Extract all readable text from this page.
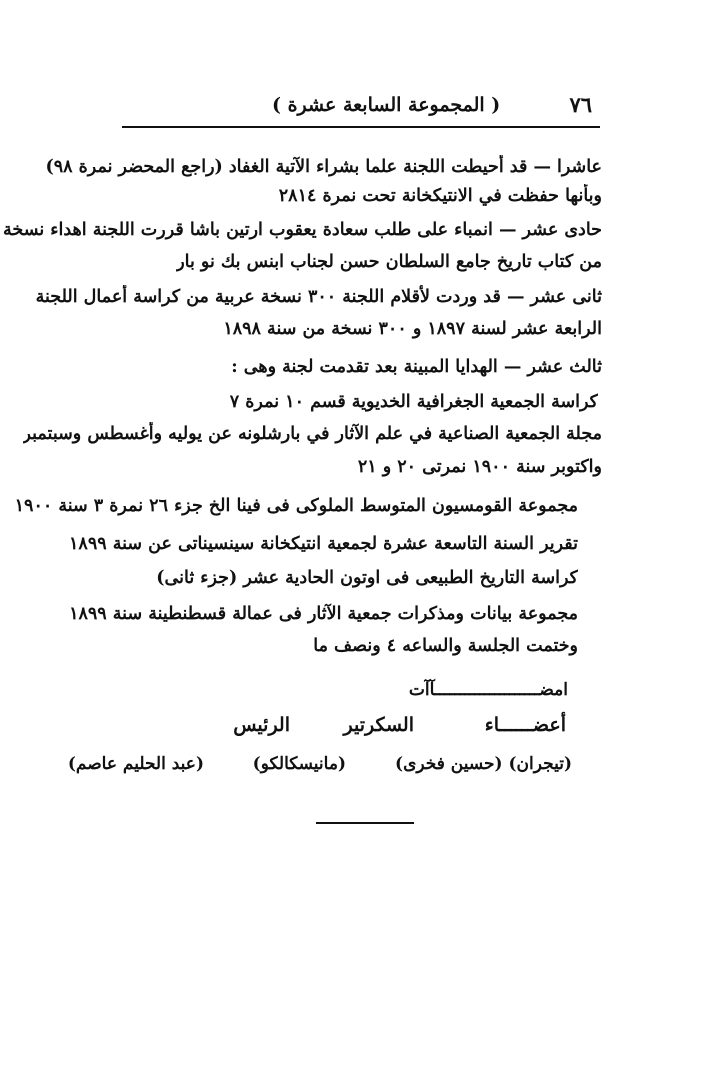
٧٦
( المجموعة السابعة عشرة )
عاشرا — قد أحيطت اللجنة علما بشراء الآتية الغفاد (راجع المحضر نمرة ٩٨)
وبأنها حفظت في الانتيكخانة تحت نمرة ٢٨١٤
حادى عشر — انمباء على طلب سعادة يعقوب ارتين باشا قررت اللجنة اهداء نسخة
من كتاب تاريخ جامع السلطان حسن لجناب ابنس بك نو بار
ثانى عشر — قد وردت لأقلام اللجنة ٣٠٠ نسخة عربية من كراسة أعمال اللجنة
الرابعة عشر لسنة ١٨٩٧ و ٣٠٠ نسخة من سنة ١٨٩٨
ثالث عشر — الهدايا المبينة بعد تقدمت لجنة وهى :
كراسة الجمعية الجغرافية الخديوية قسم ١٠ نمرة ٧
مجلة الجمعية الصناعية في علم الآثار في بارشلونه عن يوليه وأغسطس وسبتمبر
واكتوبر سنة ١٩٠٠ نمرتى ٢٠ و ٢١
مجموعة القومسيون المتوسط الملوكى فى فينا الخ جزء ٢٦ نمرة ٣ سنة ١٩٠٠
تقرير السنة التاسعة عشرة لجمعية انتيكخانة سينسيناتى عن سنة ١٨٩٩
كراسة التاريخ الطبيعى فى اوتون الحادية عشر (جزء ثانى)
مجموعة بيانات ومذكرات جمعية الآثار فى عمالة قسطنطينة سنة ١٨٩٩
وختمت الجلسة والساعه ٤ ونصف ما
امضـــــــــــــــــــــآآت
أعضــــــاء
السكرتير
الرئيس
(تيجران) (حسين فخرى)
(مانيسكالكو)
(عبد الحليم عاصم)
